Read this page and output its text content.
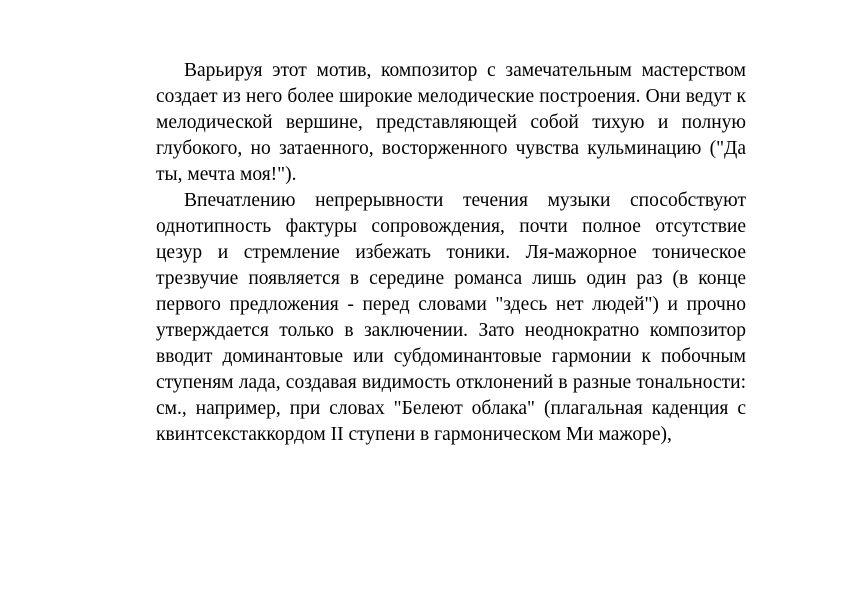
Варьируя этот мотив, композитор с замечательным мастерством создает из него более широкие мелодические построения. Они ведут к мелодической вершине, представляющей собой тихую и полную глубокого, но затаенного, восторженного чувства кульминацию ("Да ты, мечта моя!").

Впечатлению непрерывности течения музыки способствуют однотипность фактуры сопровождения, почти полное отсутствие цезур и стремление избежать тоники. Ля-мажорное тоническое трезвучие появляется в середине романса лишь один раз (в конце первого предложения - перед словами "здесь нет людей") и прочно утверждается только в заключении. Зато неоднократно композитор вводит доминантовые или субдоминантовые гармонии к побочным ступеням лада, создавая видимость отклонений в разные тональности: см., например, при словах "Белеют облака" (плагальная каденция с квинтсекстаккордом II ступени в гармоническом Ми мажоре),
